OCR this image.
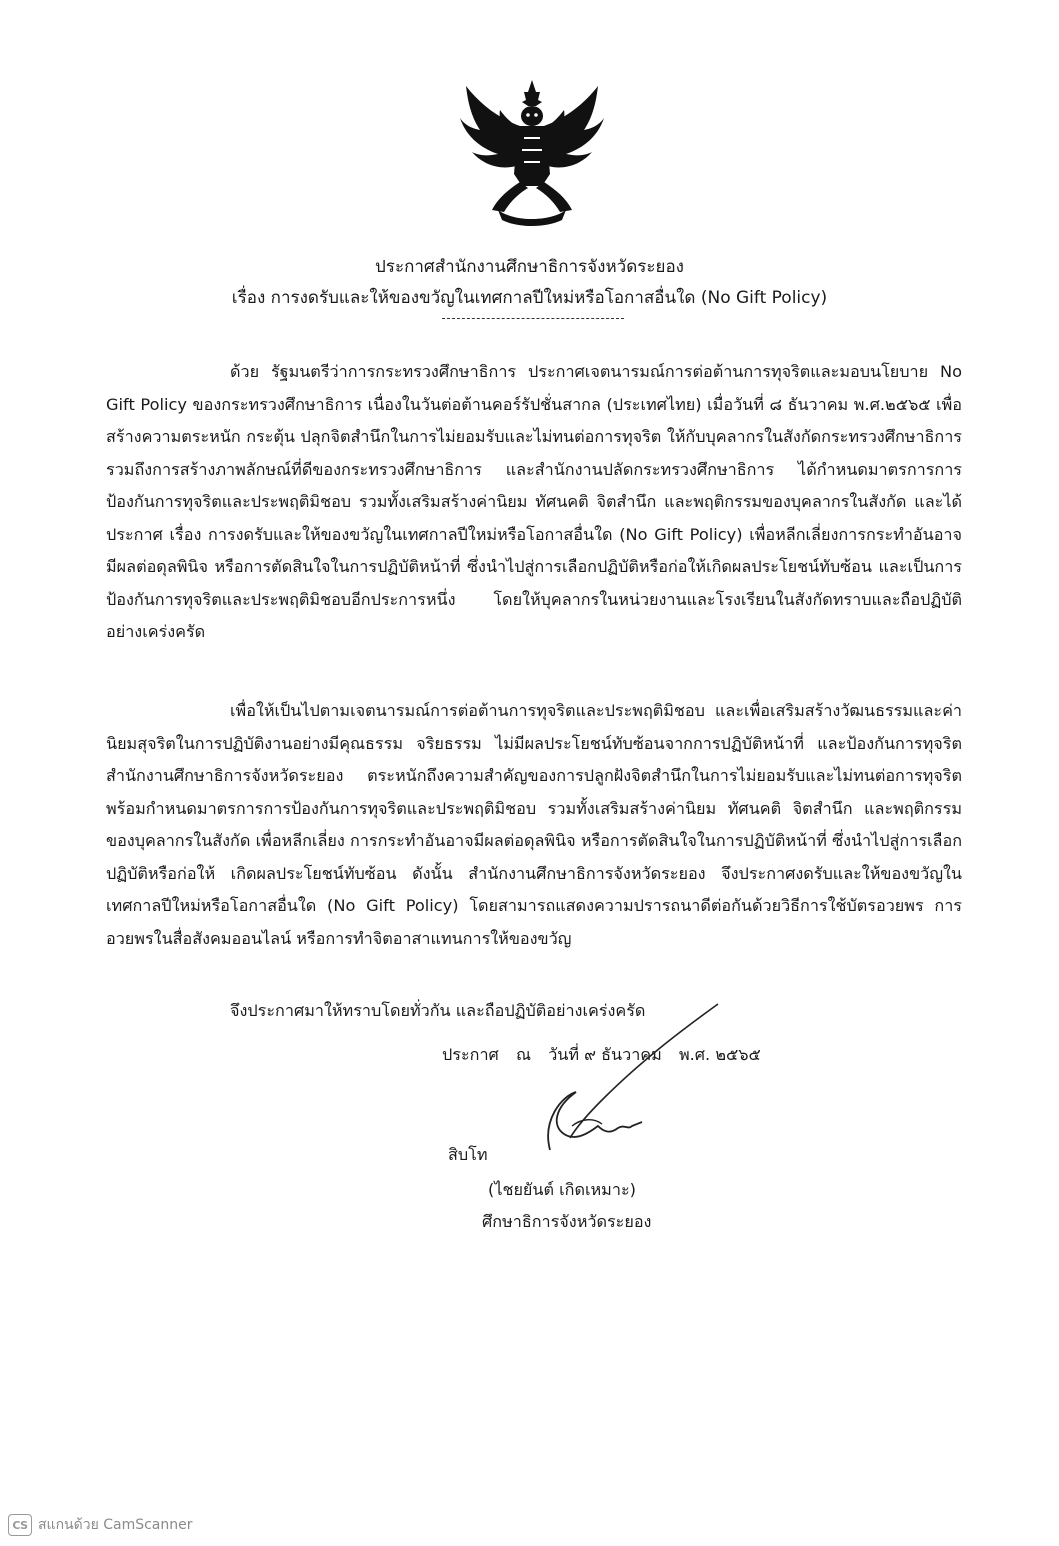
ประกาศสำนักงานศึกษาธิการจังหวัดระยอง
เรื่อง การงดรับและให้ของขวัญในเทศกาลปีใหม่หรือโอกาสอื่นใด (No Gift Policy)

ด้วย รัฐมนตรีว่าการกระทรวงศึกษาธิการ ประกาศเจตนารมณ์การต่อต้านการทุจริตและมอบนโยบาย No Gift Policy ของกระทรวงศึกษาธิการ เนื่องในวันต่อต้านคอร์รัปชั่นสากล (ประเทศไทย) เมื่อวันที่ ๘ ธันวาคม พ.ศ.๒๕๖๕ เพื่อสร้างความตระหนัก กระตุ้น ปลุกจิตสำนึกในการไม่ยอมรับและไม่ทนต่อการทุจริต ให้กับบุคลากรในสังกัดกระทรวงศึกษาธิการ รวมถึงการสร้างภาพลักษณ์ที่ดีของกระทรวงศึกษาธิการ และสำนักงานปลัดกระทรวงศึกษาธิการ ได้กำหนดมาตรการการป้องกันการทุจริตและประพฤติมิชอบ รวมทั้งเสริมสร้างค่านิยม ทัศนคติ จิตสำนึก และพฤติกรรมของบุคลากรในสังกัด และได้ประกาศ เรื่อง การงดรับและให้ของขวัญในเทศกาลปีใหม่หรือโอกาสอื่นใด (No Gift Policy) เพื่อหลีกเลี่ยงการกระทำอันอาจมีผลต่อดุลพินิจ หรือการตัดสินใจในการปฏิบัติหน้าที่ ซึ่งนำไปสู่การเลือกปฏิบัติหรือก่อให้เกิดผลประโยชน์ทับซ้อน และเป็นการป้องกันการทุจริตและประพฤติมิชอบอีกประการหนึ่ง โดยให้บุคลากรในหน่วยงานและโรงเรียนในสังกัดทราบและถือปฏิบัติอย่างเคร่งครัด

เพื่อให้เป็นไปตามเจตนารมณ์การต่อต้านการทุจริตและประพฤติมิชอบ และเพื่อเสริมสร้างวัฒนธรรมและค่านิยมสุจริตในการปฏิบัติงานอย่างมีคุณธรรม จริยธรรม ไม่มีผลประโยชน์ทับซ้อนจากการปฏิบัติหน้าที่ และป้องกันการทุจริต สำนักงานศึกษาธิการจังหวัดระยอง ตระหนักถึงความสำคัญของการปลูกฝังจิตสำนึกในการไม่ยอมรับและไม่ทนต่อการทุจริต พร้อมกำหนดมาตรการการป้องกันการทุจริตและประพฤติมิชอบ รวมทั้งเสริมสร้างค่านิยม ทัศนคติ จิตสำนึก และพฤติกรรมของบุคลากรในสังกัด เพื่อหลีกเลี่ยง การกระทำอันอาจมีผลต่อดุลพินิจ หรือการตัดสินใจในการปฏิบัติหน้าที่ ซึ่งนำไปสู่การเลือกปฏิบัติหรือก่อให้ เกิดผลประโยชน์ทับซ้อน ดังนั้น สำนักงานศึกษาธิการจังหวัดระยอง จึงประกาศงดรับและให้ของขวัญในเทศกาลปีใหม่หรือโอกาสอื่นใด (No Gift Policy) โดยสามารถแสดงความปรารถนาดีต่อกันด้วยวิธีการใช้บัตรอวยพร การอวยพรในสื่อสังคมออนไลน์ หรือการทำจิตอาสาแทนการให้ของขวัญ

จึงประกาศมาให้ทราบโดยทั่วกัน และถือปฏิบัติอย่างเคร่งครัด
ประกาศ ณ วันที่ ๙ ธันวาคม พ.ศ. ๒๕๖๕
สิบโท
(ไชยยันต์ เกิดเหมาะ)
ศึกษาธิการจังหวัดระยอง
CS สแกนด้วย CamScanner
